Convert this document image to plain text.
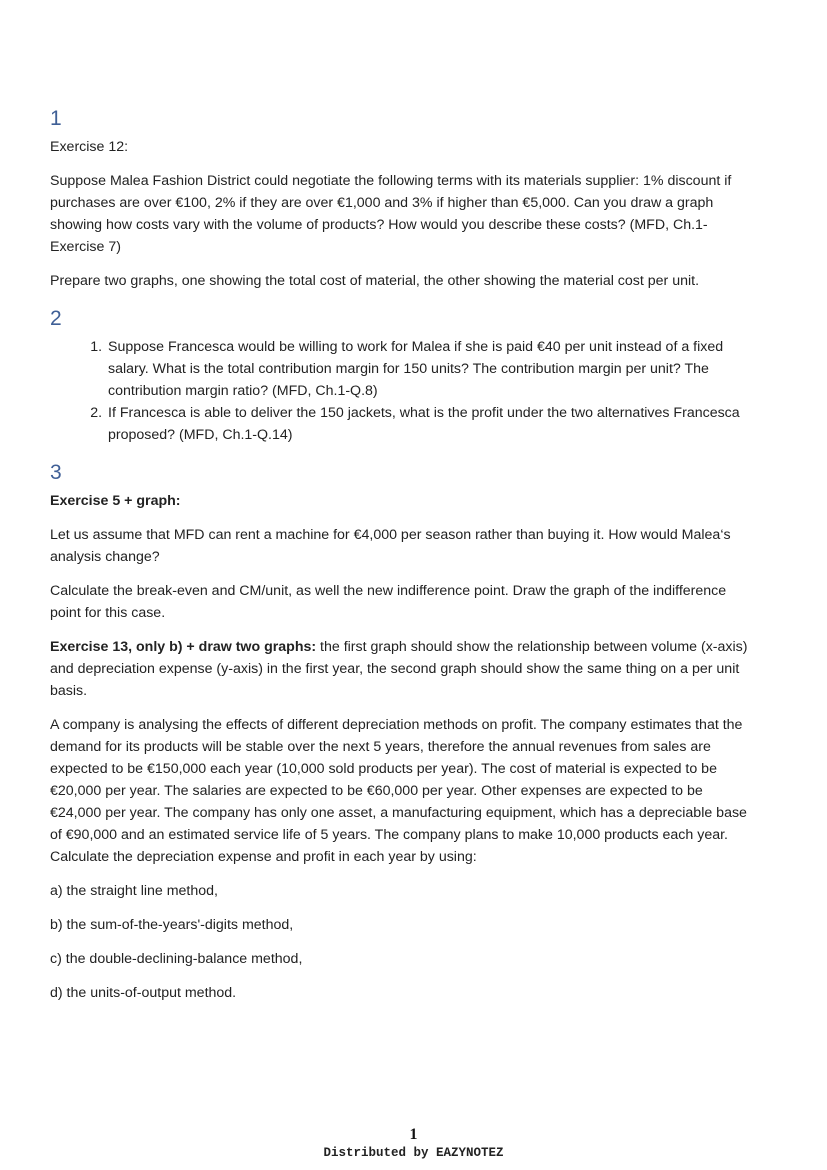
1

Exercise 12:

Suppose Malea Fashion District could negotiate the following terms with its materials supplier: 1% discount if purchases are over €100, 2% if they are over €1,000 and 3% if higher than €5,000. Can you draw a graph showing how costs vary with the volume of products? How would you describe these costs? (MFD, Ch.1-Exercise 7)

Prepare two graphs, one showing the total cost of material, the other showing the material cost per unit.

2
1. Suppose Francesca would be willing to work for Malea if she is paid €40 per unit instead of a fixed salary. What is the total contribution margin for 150 units? The contribution margin per unit? The contribution margin ratio? (MFD, Ch.1-Q.8)
2. If Francesca is able to deliver the 150 jackets, what is the profit under the two alternatives Francesca proposed? (MFD, Ch.1-Q.14)
3

Exercise 5 + graph:

Let us assume that MFD can rent a machine for €4,000 per season rather than buying it. How would Malea‘s analysis change?

Calculate the break-even and CM/unit, as well the new indifference point. Draw the graph of the indifference point for this case.

Exercise 13, only b) + draw two graphs: the first graph should show the relationship between volume (x-axis) and depreciation expense (y-axis) in the first year, the second graph should show the same thing on a per unit basis.

A company is analysing the effects of different depreciation methods on profit. The company estimates that the demand for its products will be stable over the next 5 years, therefore the annual revenues from sales are expected to be €150,000 each year (10,000 sold products per year). The cost of material is expected to be €20,000 per year. The salaries are expected to be €60,000 per year. Other expenses are expected to be €24,000 per year. The company has only one asset, a manufacturing equipment, which has a depreciable base of €90,000 and an estimated service life of 5 years. The company plans to make 10,000 products each year. Calculate the depreciation expense and profit in each year by using:

a) the straight line method,

b) the sum-of-the-years'-digits method,

c) the double-declining-balance method,

d) the units-of-output method.

1
Distributed by EAZYNOTEZ
